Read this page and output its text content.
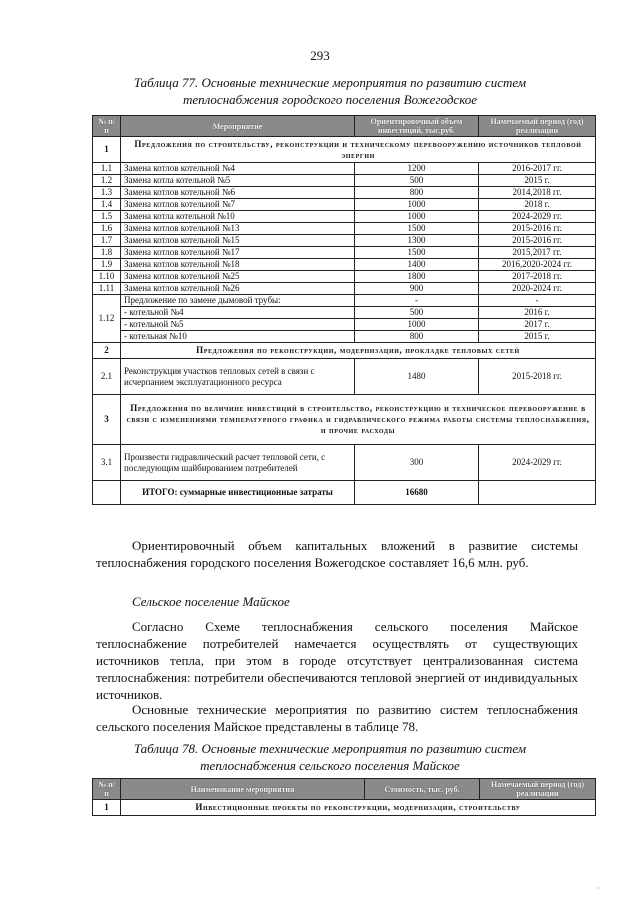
293
Таблица 77. Основные технические мероприятия по развитию систем
теплоснабжения городского поселения Вожегодское
№ п/п	Мероприятие	Ориентировочный объем инвестиций, тыс.руб.	Намечаемый период (год) реализации
1	Предложения по строительству, реконструкции и техническому перевооружению источников тепловой энергии		
1.1	Замена котлов котельной №4	1200	2016-2017 гг.
1.2	Замена котла котельной №5	500	2015 г.
1.3	Замена котлов котельной №6	800	2014,2018 гг.
1.4	Замена котлов котельной №7	1000	2018 г.
1.5	Замена котла котельной №10	1000	2024-2029 гг.
1.6	Замена котлов котельной №13	1500	2015-2016 гг.
1.7	Замена котлов котельной №15	1300	2015-2016 гг.
1.8	Замена котлов котельной №17	1500	2015,2017 гг.
1.9	Замена котлов котельной №18	1400	2016,2020-2024 гг.
1.10	Замена котлов котельной №25	1800	2017-2018 гг.
1.11	Замена котлов котельной №26	900	2020-2024 гг.
1.12	Предложение по замене дымовой трубы:	-	-
	- котельной №4	500	2016 г.
	- котельной №5	1000	2017 г.
	- котельная №10	800	2015 г.
2	Предложения по реконструкции, модернизации, прокладке тепловых сетей		
2.1	Реконструкция участков тепловых сетей в связи с исчерпанием эксплуатационного ресурса	1480	2015-2018 гг.
3	Предложения по величине инвестиций в строительство, реконструкцию и техническое перевооружение в связи с изменениями температурного графика и гидравлического режима работы системы теплоснабжения, и прочие расходы		
3.1	Произвести гидравлический расчет тепловой сети, с последующим шайбированием потребителей	300	2024-2029 гг.
	ИТОГО: суммарные инвестиционные затраты	16680	

Ориентировочный объем капитальных вложений в развитие системы теплоснабжения городского поселения Вожегодское составляет 16,6 млн. руб.

Сельское поселение Майское

Согласно Схеме теплоснабжения сельского поселения Майское теплоснабжение потребителей намечается осуществлять от существующих источников тепла, при этом в городе отсутствует централизованная система теплоснабжения: потребители обеспечиваются тепловой энергией от индивидуальных источников.

Основные технические мероприятия по развитию систем теплоснабжения сельского поселения Майское представлены в таблице 78.

Таблица 78. Основные технические мероприятия по развитию систем
теплоснабжения сельского поселения Майское
№ п/п	Наименование мероприятия	Стоимость, тыс. руб.	Намечаемый период (год) реализации
1	Инвестиционные проекты по реконструкции, модернизации, строительству		
·
